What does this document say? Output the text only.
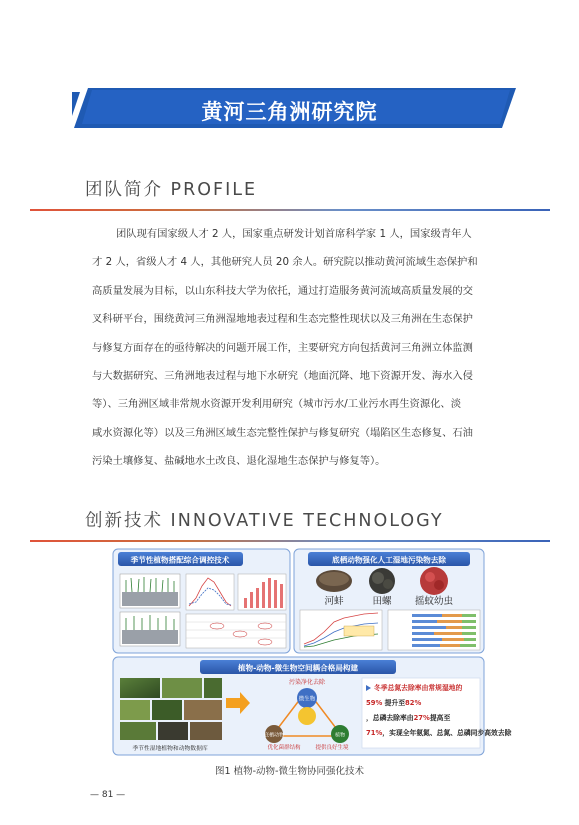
黄河三角洲研究院
团队简介 PROFILE
团队现有国家级人才 2 人，国家重点研发计划首席科学家 1 人，国家级青年人
才 2 人，省级人才 4 人，其他研究人员 20 余人。研究院以推动黄河流域生态保护和
高质量发展为目标，以山东科技大学为依托，通过打造服务黄河流域高质量发展的交
叉科研平台，围绕黄河三角洲湿地地表过程和生态完整性现状以及三角洲在生态保护
与修复方面存在的亟待解决的问题开展工作，主要研究方向包括黄河三角洲立体监测
与大数据研究、三角洲地表过程与地下水研究（地面沉降、地下资源开发、海水入侵
等）、三角洲区域非常规水资源开发利用研究（城市污水/工业污水再生资源化、淡
咸水资源化等）以及三角洲区域生态完整性保护与修复研究（塌陷区生态修复、石油
污染土壤修复、盐碱地水土改良、退化湿地生态保护与修复等）。
创新技术 INNOVATIVE TECHNOLOGY
季节性植物搭配综合调控技术	底栖动物强化人工湿地污染物去除
河蚌	田螺 摇蚊幼虫
植物-动物-微生物空间耦合格局构建
季节性湿地植物和动物数据库
污染净化去除
微生物
底栖动物	植物
优化菌群结构	提供良好生境
冬季总氮去除率由常规湿地的 59% 提升至82% ，总磷去除率由27%提高至 71%，实现全年氨氮、总氮、总磷同步高效去除
图1 植物-动物-微生物协同强化技术
— 81 —
